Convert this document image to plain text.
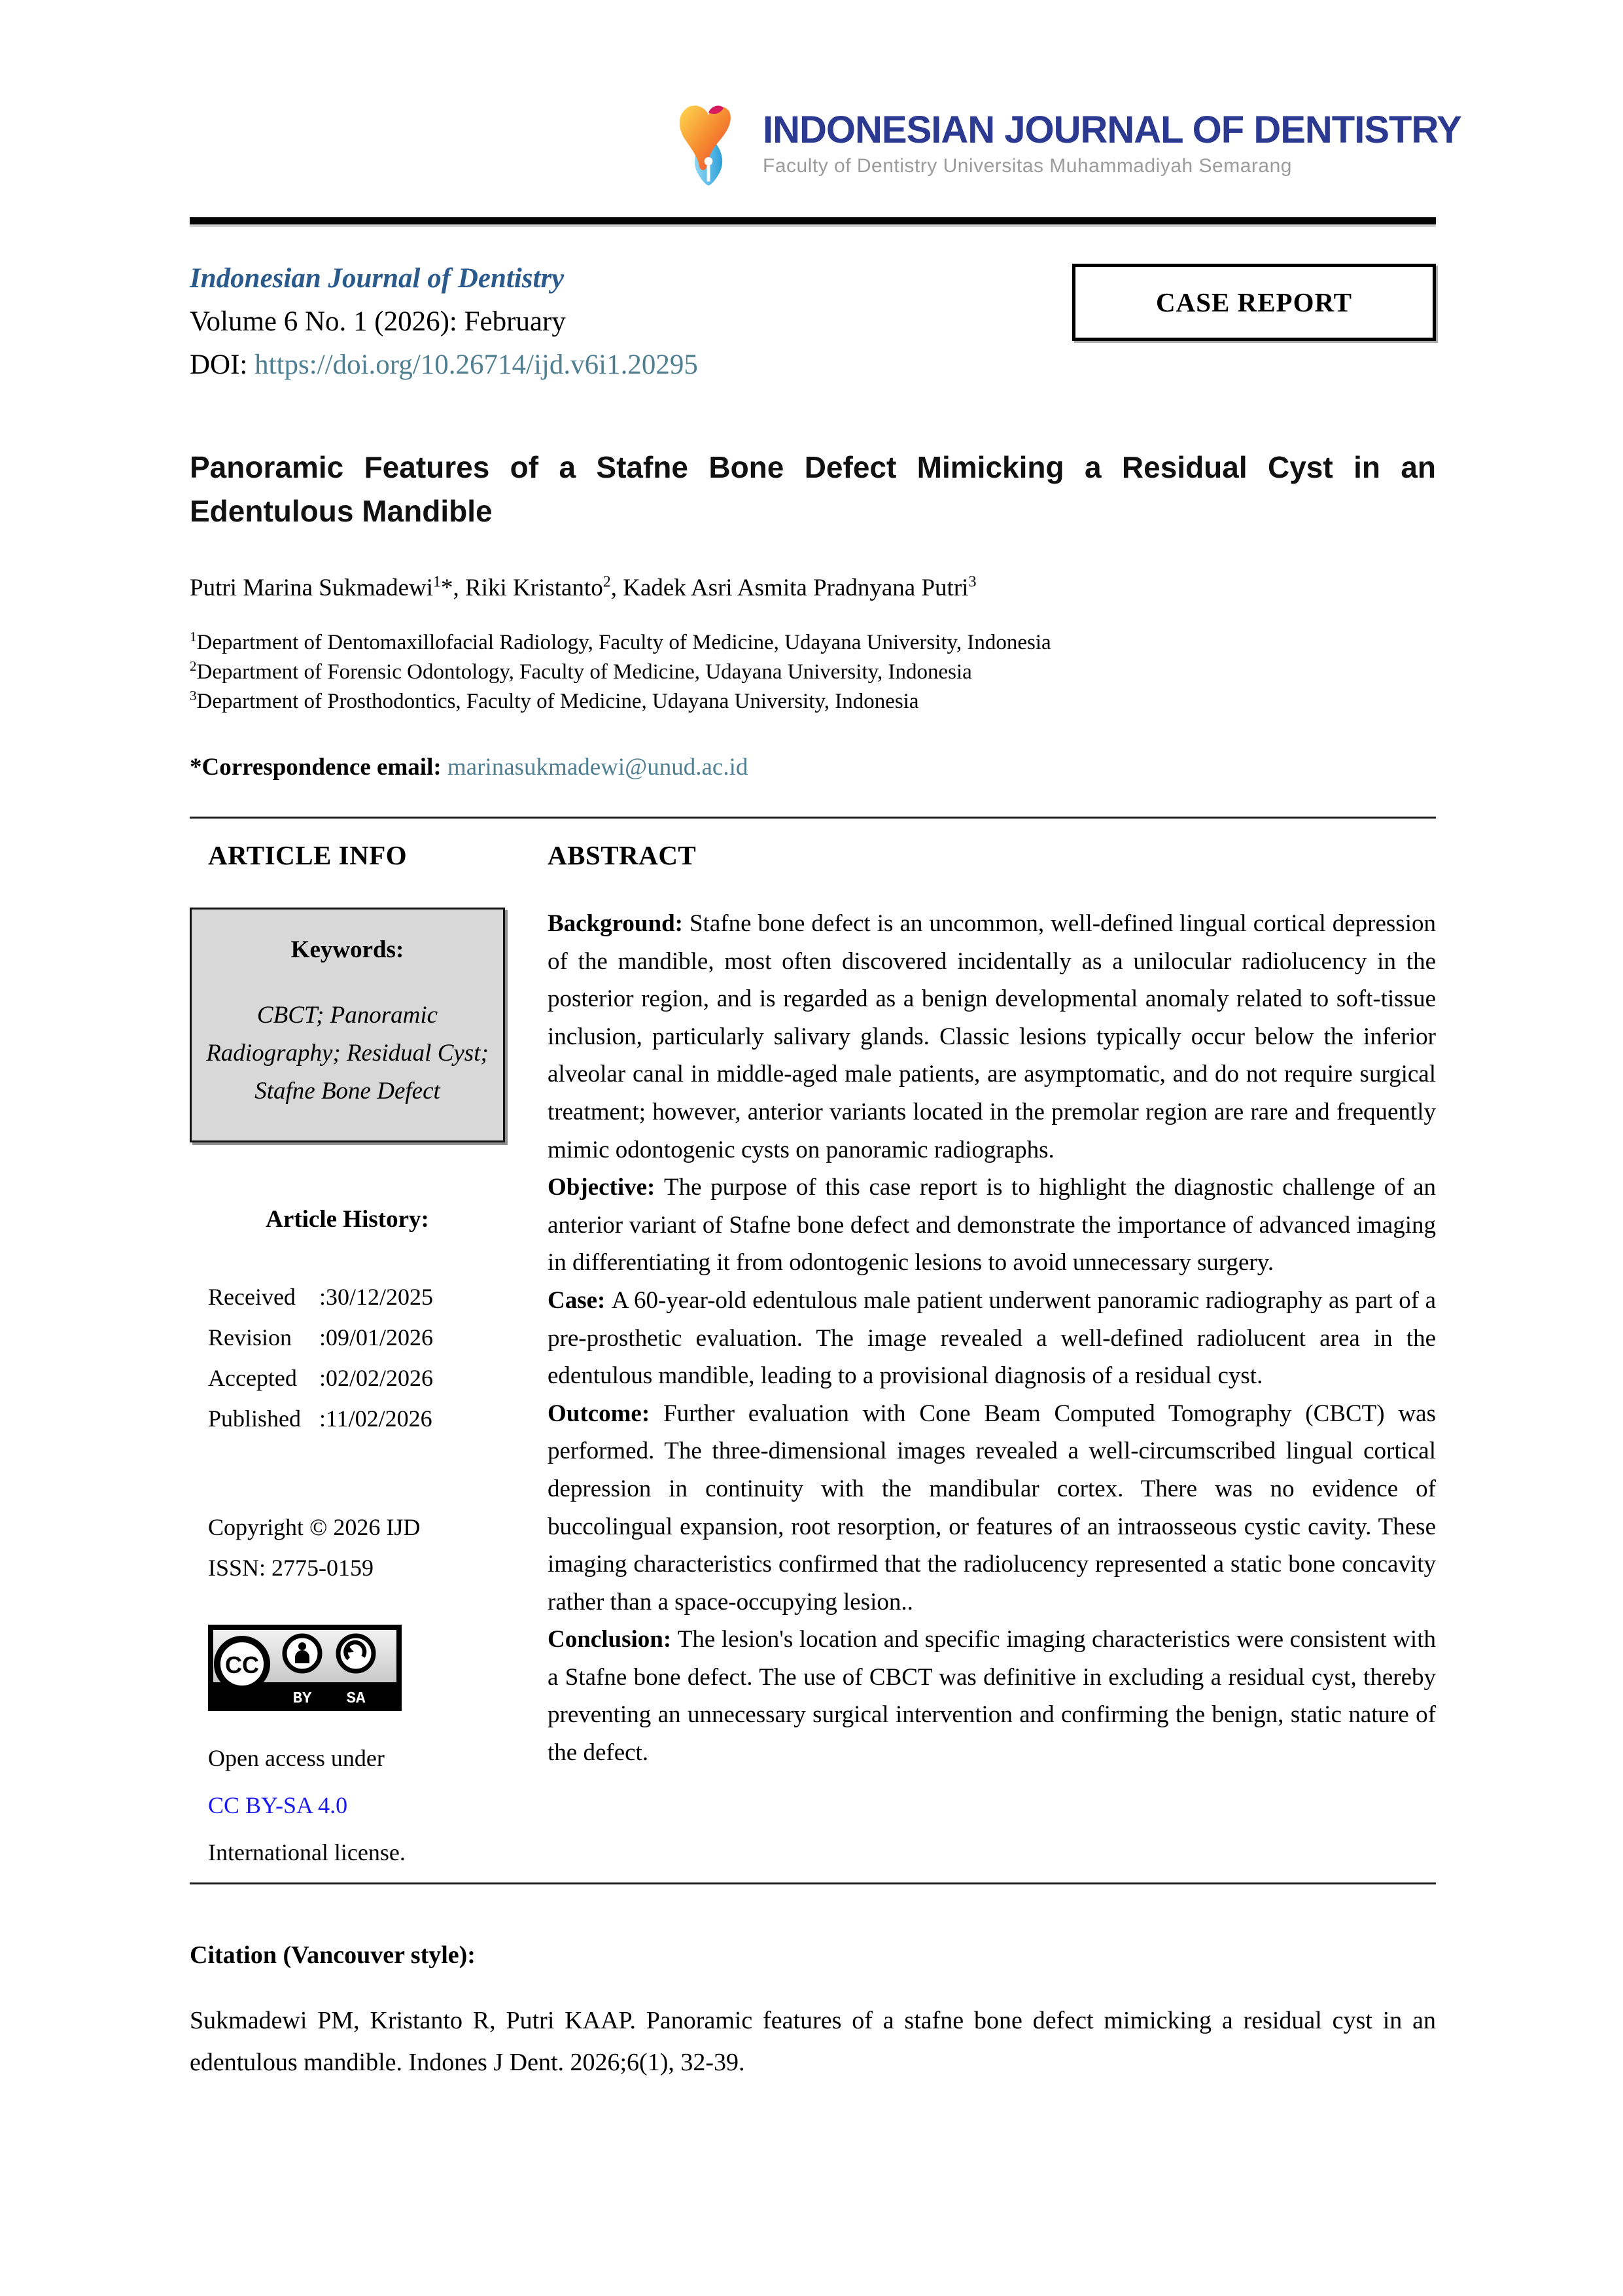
INDONESIAN JOURNAL OF DENTISTRY
Faculty of Dentistry Universitas Muhammadiyah Semarang
Indonesian Journal of Dentistry
Volume 6 No. 1 (2026): February
DOI: https://doi.org/10.26714/ijd.v6i1.20295
CASE REPORT
Panoramic Features of a Stafne Bone Defect Mimicking a Residual Cyst in an Edentulous Mandible

Putri Marina Sukmadewi$^1$*, Riki Kristanto$^2$, Kadek Asri Asmita Pradnyana Putri$^3$

$^1$Department of Dentomaxillofacial Radiology, Faculty of Medicine, Udayana University, Indonesia

$^2$Department of Forensic Odontology, Faculty of Medicine, Udayana University, Indonesia

$^3$Department of Prosthodontics, Faculty of Medicine, Udayana University, Indonesia

*Correspondence email: marinasukmadewi@unud.ac.id

ARTICLE INFO
Keywords:
CBCT; Panoramic Radiography; Residual Cyst; Stafne Bone Defect
Article History:
Received	: 30/12/2025
Revision	: 09/01/2026
Accepted : 02/02/2026
Published : 11/02/2026

Copyright © 2026 IJD

ISSN: 2775-0159

CC
BY	SA

Open access under

CC BY-SA 4.0

International license.

ABSTRACT

Background: Stafne bone defect is an uncommon, well-defined lingual cortical depression of the mandible, most often discovered incidentally as a unilocular radiolucency in the posterior region, and is regarded as a benign developmental anomaly related to soft-tissue inclusion, particularly salivary glands. Classic lesions typically occur below the inferior alveolar canal in middle-aged male patients, are asymptomatic, and do not require surgical treatment; however, anterior variants located in the premolar region are rare and frequently mimic odontogenic cysts on panoramic radiographs.

Objective: The purpose of this case report is to highlight the diagnostic challenge of an anterior variant of Stafne bone defect and demonstrate the importance of advanced imaging in differentiating it from odontogenic lesions to avoid unnecessary surgery.

Case: A 60-year-old edentulous male patient underwent panoramic radiography as part of a pre-prosthetic evaluation. The image revealed a well-defined radiolucent area in the edentulous mandible, leading to a provisional diagnosis of a residual cyst.

Outcome: Further evaluation with Cone Beam Computed Tomography (CBCT) was performed. The three-dimensional images revealed a well-circumscribed lingual cortical depression in continuity with the mandibular cortex. There was no evidence of buccolingual expansion, root resorption, or features of an intraosseous cystic cavity. These imaging characteristics confirmed that the radiolucency represented a static bone concavity rather than a space-occupying lesion..

Conclusion: The lesion's location and specific imaging characteristics were consistent with a Stafne bone defect. The use of CBCT was definitive in excluding a residual cyst, thereby preventing an unnecessary surgical intervention and confirming the benign, static nature of the defect.

Citation (Vancouver style):

Sukmadewi PM, Kristanto R, Putri KAAP. Panoramic features of a stafne bone defect mimicking a residual cyst in an edentulous mandible. Indones J Dent. 2026;6(1), 32-39.
